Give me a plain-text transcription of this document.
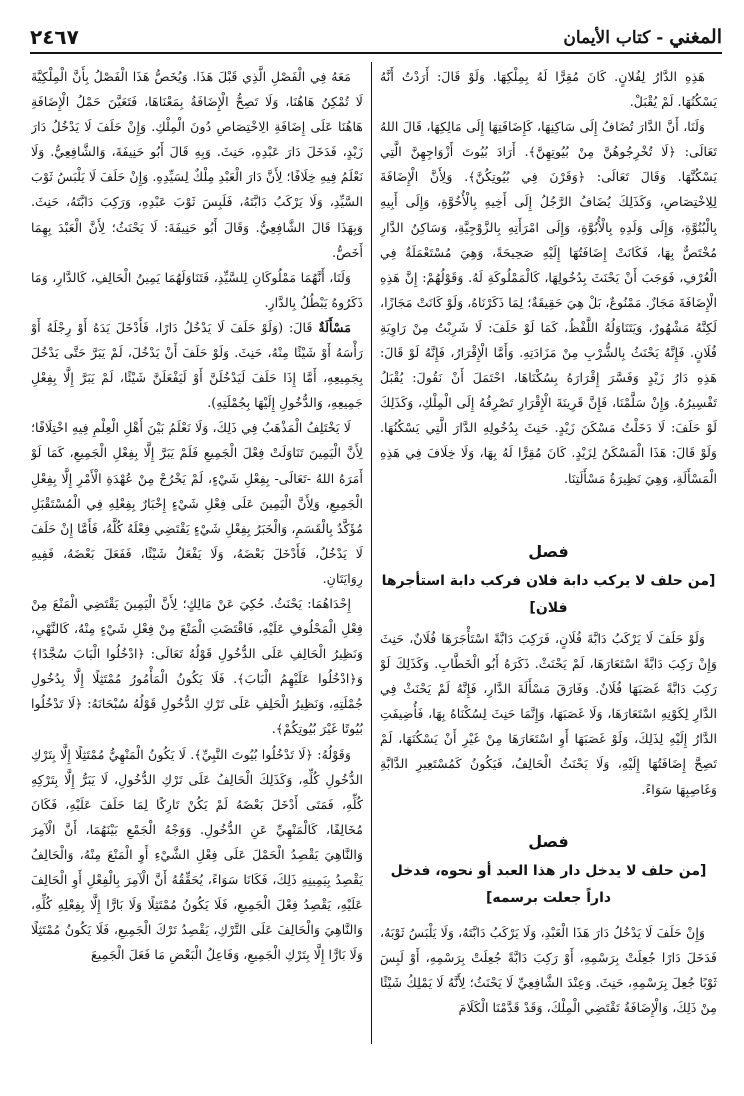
المغني - كتاب الأيمان
٢٤٦٧

هَذِهِ الدَّارُ لِفُلانٍ. كَانَ مُقِرًّا لَهُ بِمِلْكِهَا. وَلَوْ قَالَ: أَرَدْتُ أَنَّهُ يَسْكُنُهَا. لَمْ يُقْبَلْ.

وَلَنَا، أَنَّ الدَّارَ تُضَافُ إِلَى سَاكِنِهَا، كَإِضَافَتِهَا إِلَى مَالِكِهَا، قَالَ اللهُ تَعَالَى: ﴿لَا تُخْرِجُوهُنَّ مِنْ بُيُوتِهِنَّ﴾. أَرَادَ بُيُوتَ أَزْوَاجِهِنَّ الَّتِي يَسْكُنَّهَا. وَقَالَ تَعَالَى: ﴿وَقَرْنَ فِي بُيُوتِكُنَّ﴾. وَلِأَنَّ الْإِضَافَةَ لِلِاخْتِصَاصِ، وَكَذَلِكَ يُضَافُ الرَّجُلُ إِلَى أَخِيهِ بِالْأُخُوَّةِ، وَإِلَى أَبِيهِ بِالْبُنُوَّةِ، وَإِلَى وَلَدِهِ بِالْأُبُوَّةِ، وَإِلَى امْرَأَتِهِ بِالزَّوْجِيَّةِ، وَسَاكِنُ الدَّارِ مُخْتَصٌّ بِهَا، فَكَانَتْ إِضَافَتُهَا إِلَيْهِ صَحِيحَةً، وَهِيَ مُسْتَعْمَلَةٌ فِي الْعُرْفِ، فَوَجَبَ أَنْ يَحْنَثَ بِدُخُولِهَا، كَالْمَمْلُوكَةِ لَهُ. وَقَوْلُهُمْ: إِنَّ هَذِهِ الْإِضَافَةَ مَجَازٌ. مَمْنُوعٌ، بَلْ هِيَ حَقِيقَةٌ؛ لِمَا ذَكَرْنَاهُ، وَلَوْ كَانَتْ مَجَازًا، لَكِنَّهُ مَشْهُورٌ، وَيَتَنَاوَلُهُ اللَّفْظُ، كَمَا لَوْ حَلَفَ: لَا شَرِبْتُ مِنْ رَاوِيَةِ فُلَانٍ. فَإِنَّهُ يَحْنَثُ بِالشُّرْبِ مِنْ مَزَادَتِهِ. وَأَمَّا الْإِقْرَارُ، فَإِنَّهُ لَوْ قَالَ: هَذِهِ دَارُ زَيْدٍ وَفَسَّرَ إِقْرَارَهُ بِسُكْنَاهَا، احْتَمَلَ أَنْ نَقُولَ: يُقْبَلُ تَفْسِيرُهُ. وَإِنْ سَلَّمْنَا، فَإِنَّ قَرِينَةَ الْإِقْرَارِ تَصْرِفُهُ إِلَى الْمِلْكِ، وَكَذَلِكَ لَوْ حَلَفَ: لَا دَخَلْتُ مَسْكَنَ زَيْدٍ. حَنِثَ بِدُخُولِهِ الدَّارَ الَّتِي يَسْكُنُهَا. وَلَوْ قَالَ: هَذَا الْمَسْكَنُ لِزَيْدٍ. كَانَ مُقِرًّا لَهُ بِهَا، وَلَا خِلَافَ فِي هَذِهِ الْمَسْأَلَةِ، وَهِيَ نَظِيرَةُ مَسْأَلَتِنَا.

فصل
[من حلف لا يركب دابة فلان فركب دابة استأجرها فلان]

وَلَوْ حَلَفَ لَا يَرْكَبُ دَابَّةَ فُلَانٍ، فَرَكِبَ دَابَّةً اسْتَأْجَرَهَا فُلَانٌ، حَنِثَ وَإِنْ رَكِبَ دَابَّةً اسْتَعَارَهَا، لَمْ يَحْنَثْ. ذَكَرَهُ أَبُو الْخَطَّابِ. وَكَذَلِكَ لَوْ رَكِبَ دَابَّةً غَصَبَهَا فُلَانٌ. وَفَارَقَ مَسْأَلَةَ الدَّارِ، فَإِنَّهُ لَمْ يَحْنَثْ فِي الدَّارِ لِكَوْنِهِ اسْتَعَارَهَا، وَلَا غَصَبَهَا، وَإِنَّمَا حَنِثَ لِسُكْنَاهُ بِهَا، فَأُضِيفَتِ الدَّارُ إِلَيْهِ لِذَلِكَ، وَلَوْ غَصَبَهَا أَوِ اسْتَعَارَهَا مِنْ غَيْرِ أَنْ يَسْكُنَهَا، لَمْ تَصِحَّ إِضَافَتُهَا إِلَيْهِ، وَلَا يَحْنَثُ الْحَالِفُ، فَيَكُونُ كَمُسْتَعِيرِ الدَّابَّةِ وَغَاصِبِهَا سَوَاءً.

فصل
[من حلف لا يدخل دار هذا العبد أو نحوه، فدخل داراً جعلت برسمه]

وَإِنْ حَلَفَ لَا يَدْخُلُ دَارَ هَذَا الْعَبْدِ، وَلَا يَرْكَبُ دَابَّتَهُ، وَلَا يَلْبَسُ ثَوْبَهُ، فَدَخَلَ دَارًا جُعِلَتْ بِرَسْمِهِ، أَوْ رَكِبَ دَابَّةً جُعِلَتْ بِرَسْمِهِ، أَوْ لَبِسَ ثَوْبًا جُعِلَ بِرَسْمِهِ، حَنِثَ. وَعِنْدَ الشَّافِعِيِّ لَا يَحْنَثُ؛ لِأَنَّهُ لَا يَمْلِكُ شَيْئًا مِنْ ذَلِكَ، وَالْإِضَافَةُ تَقْتَضِي الْمِلْكَ، وَقَدْ قَدَّمْنَا الْكَلَامَ

مَعَهُ فِي الْفَصْلِ الَّذِي قَبْلَ هَذَا. وَيُخَصُّ هَذَا الْفَصْلُ بِأَنَّ الْمِلْكِيَّةَ لَا تُمْكِنُ هَاهُنَا، وَلَا تَصِحُّ الْإِضَافَةُ بِمَعْنَاهَا، فَتَعَيَّنَ حَمْلُ الْإِضَافَةِ هَاهُنَا عَلَى إِضَافَةِ الِاخْتِصَاصِ دُونَ الْمِلْكِ. وَإِنْ حَلَفَ لَا يَدْخُلُ دَارَ زَيْدٍ، فَدَخَلَ دَارَ عَبْدِهِ، حَنِثَ. وَبِهِ قَالَ أَبُو حَنِيفَةَ، وَالشَّافِعِيُّ. وَلَا نَعْلَمُ فِيهِ خِلَافًا؛ لِأَنَّ دَارَ الْعَبْدِ مِلْكٌ لِسَيِّدِهِ. وَإِنْ حَلَفَ لَا يَلْبَسُ ثَوْبَ السَّيِّدِ، وَلَا يَرْكَبُ دَابَّتَهُ، فَلَبِسَ ثَوْبَ عَبْدِهِ، وَرَكِبَ دَابَّتَهُ، حَنِثَ. وَبِهَذَا قَالَ الشَّافِعِيُّ. وَقَالَ أَبُو حَنِيفَةَ: لَا يَحْنَثُ؛ لِأَنَّ الْعَبْدَ بِهِمَا أَخَصُّ.

وَلَنَا، أَنَّهُمَا مَمْلُوكَانِ لِلسَّيِّدِ، فَتَنَاوَلَهُمَا يَمِينُ الْحَالِفِ، كَالدَّارِ، وَمَا ذَكَرُوهُ يَبْطُلُ بِالدَّارِ.

مَسْأَلَةٌ قَالَ: (وَلَوْ حَلَفَ لَا يَدْخُلُ دَارًا، فَأَدْخَلَ يَدَهُ أَوْ رِجْلَهُ أَوْ رَأْسَهُ أَوْ شَيْئًا مِنْهُ، حَنِثَ. وَلَوْ حَلَفَ أَنْ يَدْخُلَ، لَمْ يَبَرَّ حَتَّى يَدْخُلَ بِجَمِيعِهِ، أَمَّا إِذَا حَلَفَ لَيَدْخُلَنَّ أَوْ لَيَفْعَلَنَّ شَيْئًا، لَمْ يَبَرَّ إِلَّا بِفِعْلِ جَمِيعِهِ، وَالدُّخُولِ إِلَيْهَا بِجُمْلَتِهِ).

لَا يَخْتَلِفُ الْمَذْهَبُ فِي ذَلِكَ، وَلَا نَعْلَمُ بَيْنَ أَهْلِ الْعِلْمِ فِيهِ اخْتِلَافًا؛ لِأَنَّ الْيَمِينَ تَنَاوَلَتْ فِعْلَ الْجَمِيعِ فَلَمْ يَبَرَّ إِلَّا بِفِعْلِ الْجَمِيعِ، كَمَا لَوْ أَمَرَهُ اللهُ -تَعَالَى- بِفِعْلِ شَيْءٍ، لَمْ يَخْرُجْ مِنْ عُهْدَةِ الْأَمْرِ إِلَّا بِفِعْلِ الْجَمِيعِ، وَلِأَنَّ الْيَمِينَ عَلَى فِعْلِ شَيْءٍ إِخْبَارٌ بِفِعْلِهِ فِي الْمُسْتَقْبَلِ مُؤَكَّدٌ بِالْقَسَمِ، وَالْخَبَرُ بِفِعْلِ شَيْءٍ يَقْتَضِي فِعْلَهُ كُلَّهُ، فَأَمَّا إِنْ حَلَفَ لَا يَدْخُلُ، فَأَدْخَلَ بَعْضَهُ، وَلَا يَفْعَلُ شَيْئًا، فَفَعَلَ بَعْضَهُ، فَفِيهِ رِوَايَتَانِ.

إِحْدَاهُمَا: يَحْنَثُ. حُكِيَ عَنْ مَالِكٍ؛ لِأَنَّ الْيَمِينَ يَقْتَضِي الْمَنْعَ مِنْ فِعْلِ الْمَحْلُوفِ عَلَيْهِ، فَاقْتَضَتِ الْمَنْعَ مِنْ فِعْلِ شَيْءٍ مِنْهُ، كَالنَّهْيِ، وَنَظِيرُ الْحَالِفِ عَلَى الدُّخُولِ قَوْلُهُ تَعَالَى: ﴿ادْخُلُوا الْبَابَ سُجَّدًا﴾ وَ﴿ادْخُلُوا عَلَيْهِمُ الْبَابَ﴾. فَلَا يَكُونُ الْمَأْمُورُ مُمْتَثِلًا إِلَّا بِدُخُولِ جُمْلَتِهِ، وَنَظِيرُ الْحَلِفِ عَلَى تَرْكِ الدُّخُولِ قَوْلُهُ سُبْحَانَهُ: ﴿لَا تَدْخُلُوا بُيُوتًا غَيْرَ بُيُوتِكُمْ﴾.

وَقَوْلُهُ: ﴿لَا تَدْخُلُوا بُيُوتَ النَّبِيِّ﴾. لَا يَكُونُ الْمَنْهِيُّ مُمْتَثِلًا إِلَّا بِتَرْكِ الدُّخُولِ كُلِّهِ، وَكَذَلِكَ الْحَالِفُ عَلَى تَرْكِ الدُّخُولِ، لَا يَبَرُّ إِلَّا بِتَرْكِهِ كُلِّهِ، فَمَتَى أَدْخَلَ بَعْضَهُ لَمْ يَكُنْ تَارِكًا لِمَا حَلَفَ عَلَيْهِ، فَكَانَ مُخَالِفًا، كَالْمَنْهِيِّ عَنِ الدُّخُولِ. وَوَجْهُ الْجَمْعِ بَيْنَهُمَا، أَنَّ الْآمِرَ وَالنَّاهِيَ يَقْصِدُ الْحَمْلَ عَلَى فِعْلِ الشَّيْءِ أَوِ الْمَنْعَ مِنْهُ، وَالْحَالِفُ يَقْصِدُ بِيَمِينِهِ ذَلِكَ، فَكَانَا سَوَاءً، يُحَقِّقُهُ أَنَّ الْآمِرَ بِالْفِعْلِ أَوِ الْحَالِفَ عَلَيْهِ، يَقْصِدُ فِعْلَ الْجَمِيعِ، فَلَا يَكُونُ مُمْتَثِلًا وَلَا بَارًّا إِلَّا بِفِعْلِهِ كُلِّهِ، وَالنَّاهِيَ وَالْحَالِفَ عَلَى التَّرْكِ، يَقْصِدُ تَرْكَ الْجَمِيعِ، فَلَا يَكُونُ مُمْتَثِلًا وَلَا بَارًّا إِلَّا بِتَرْكِ الْجَمِيعِ، وَفَاعِلُ الْبَعْضِ مَا فَعَلَ الْجَمِيعَ
